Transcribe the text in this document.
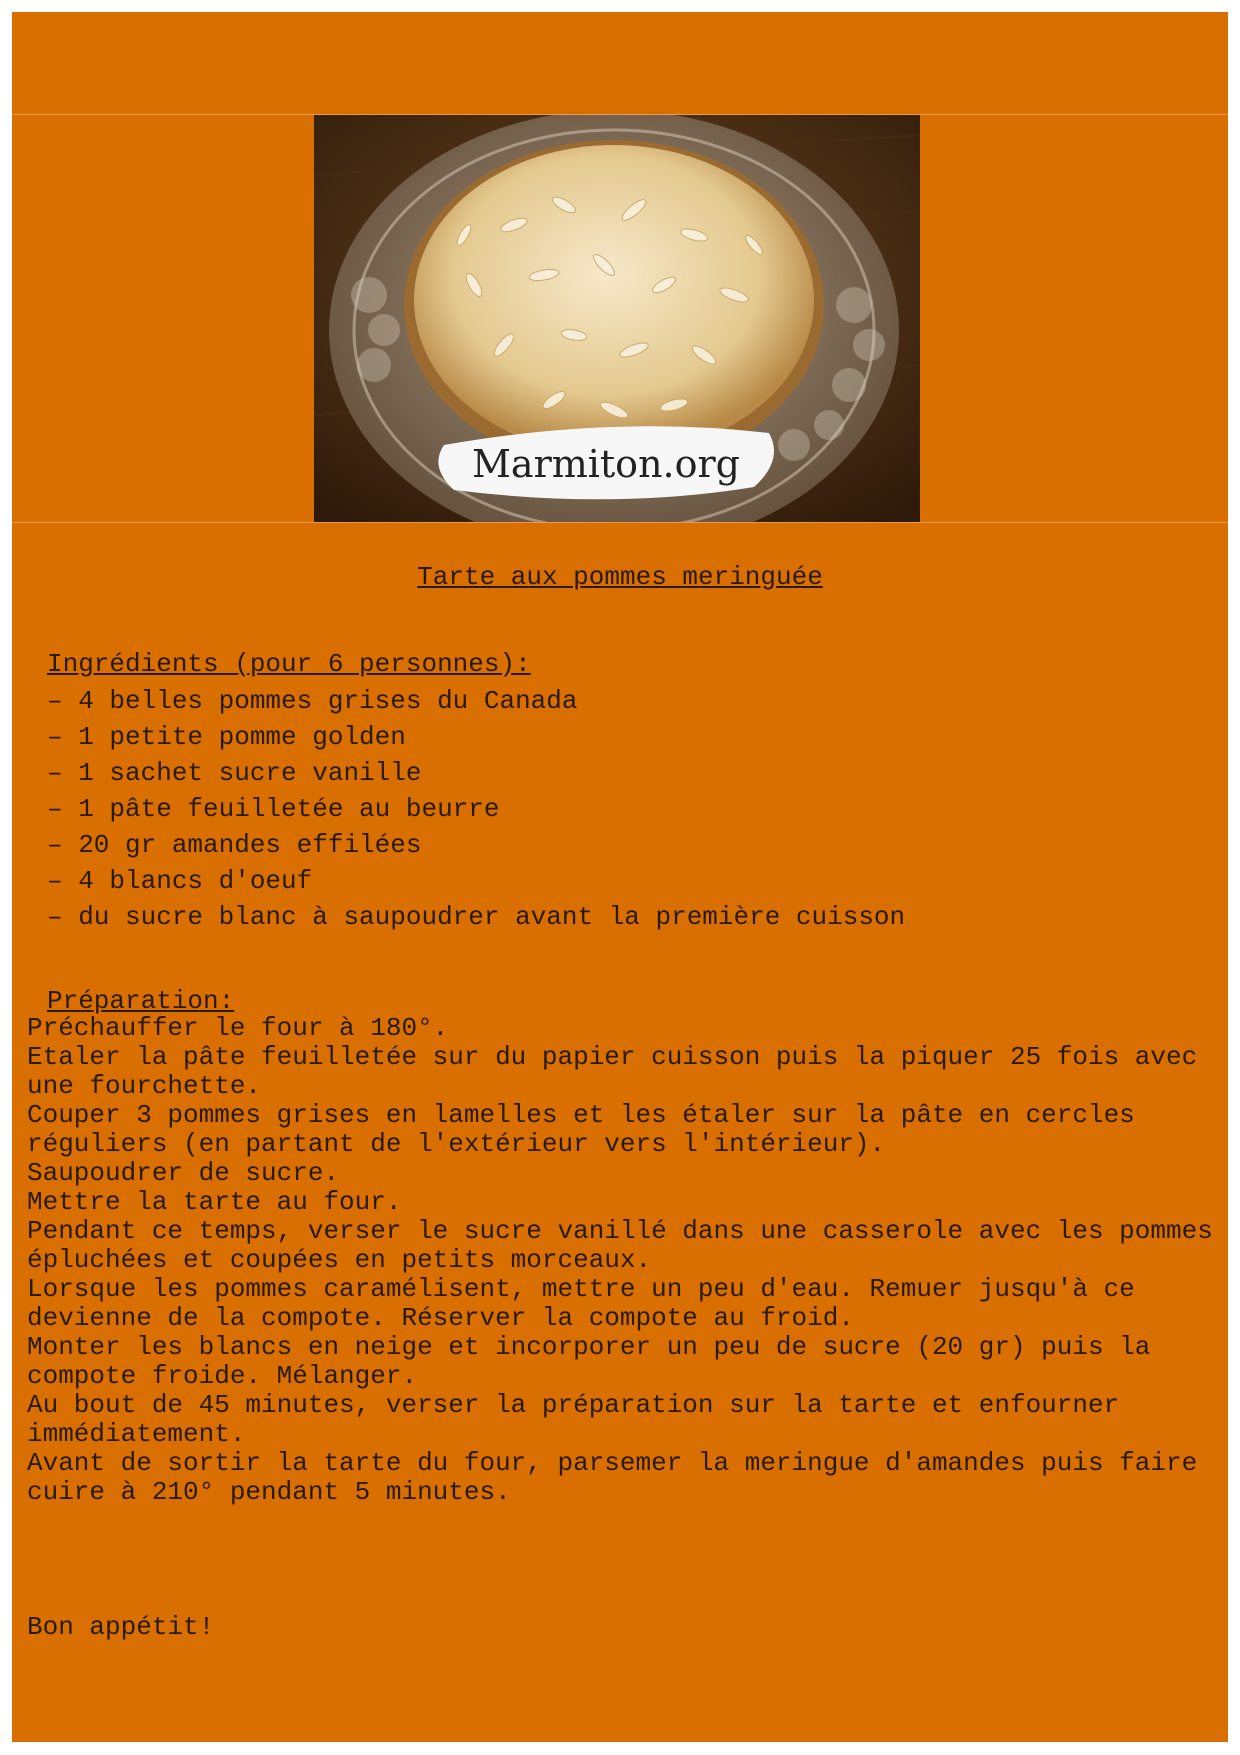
Marmiton.org
Tarte aux pommes meringuée
Ingrédients (pour 6 personnes):
– 4 belles pommes grises du Canada
– 1 petite pomme golden
– 1 sachet sucre vanille
– 1 pâte feuilletée au beurre
– 20 gr amandes effilées
– 4 blancs d'oeuf
– du sucre blanc à saupoudrer avant la première cuisson
Préparation:
Préchauffer le four à 180°.
Etaler la pâte feuilletée sur du papier cuisson puis la piquer 25 fois avec une fourchette.
Couper 3 pommes grises en lamelles et les étaler sur la pâte en cercles réguliers (en partant de l'extérieur vers l'intérieur).
Saupoudrer de sucre.
Mettre la tarte au four.
Pendant ce temps, verser le sucre vanillé dans une casserole avec les pommes épluchées et coupées en petits morceaux.
Lorsque les pommes caramélisent, mettre un peu d'eau. Remuer jusqu'à ce devienne de la compote. Réserver la compote au froid.
Monter les blancs en neige et incorporer un peu de sucre (20 gr) puis la compote froide. Mélanger.
Au bout de 45 minutes, verser la préparation sur la tarte et enfourner immédiatement.
Avant de sortir la tarte du four, parsemer la meringue d'amandes puis faire cuire à 210° pendant 5 minutes.
Bon appétit!
